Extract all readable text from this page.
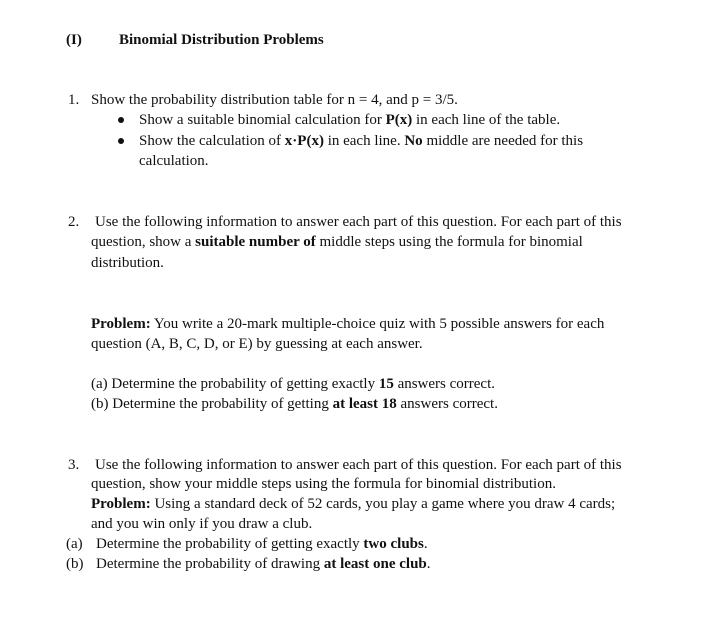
(I) Binomial Distribution Problems
1. Show the probability distribution table for n = 4, and p = 3/5.
Show a suitable binomial calculation for P(x) in each line of the table.
Show the calculation of x·P(x) in each line. No middle are needed for this
calculation.
2. Use the following information to answer each part of this question. For each part of this
question, show a suitable number of middle steps using the formula for binomial
distribution.
Problem: You write a 20-mark multiple-choice quiz with 5 possible answers for each
question (A, B, C, D, or E) by guessing at each answer.
(a) Determine the probability of getting exactly 15 answers correct.
(b) Determine the probability of getting at least 18 answers correct.
3. Use the following information to answer each part of this question. For each part of this
question, show your middle steps using the formula for binomial distribution.
Problem: Using a standard deck of 52 cards, you play a game where you draw 4 cards;
and you win only if you draw a club.
(a) Determine the probability of getting exactly two clubs.
(b) Determine the probability of drawing at least one club.
